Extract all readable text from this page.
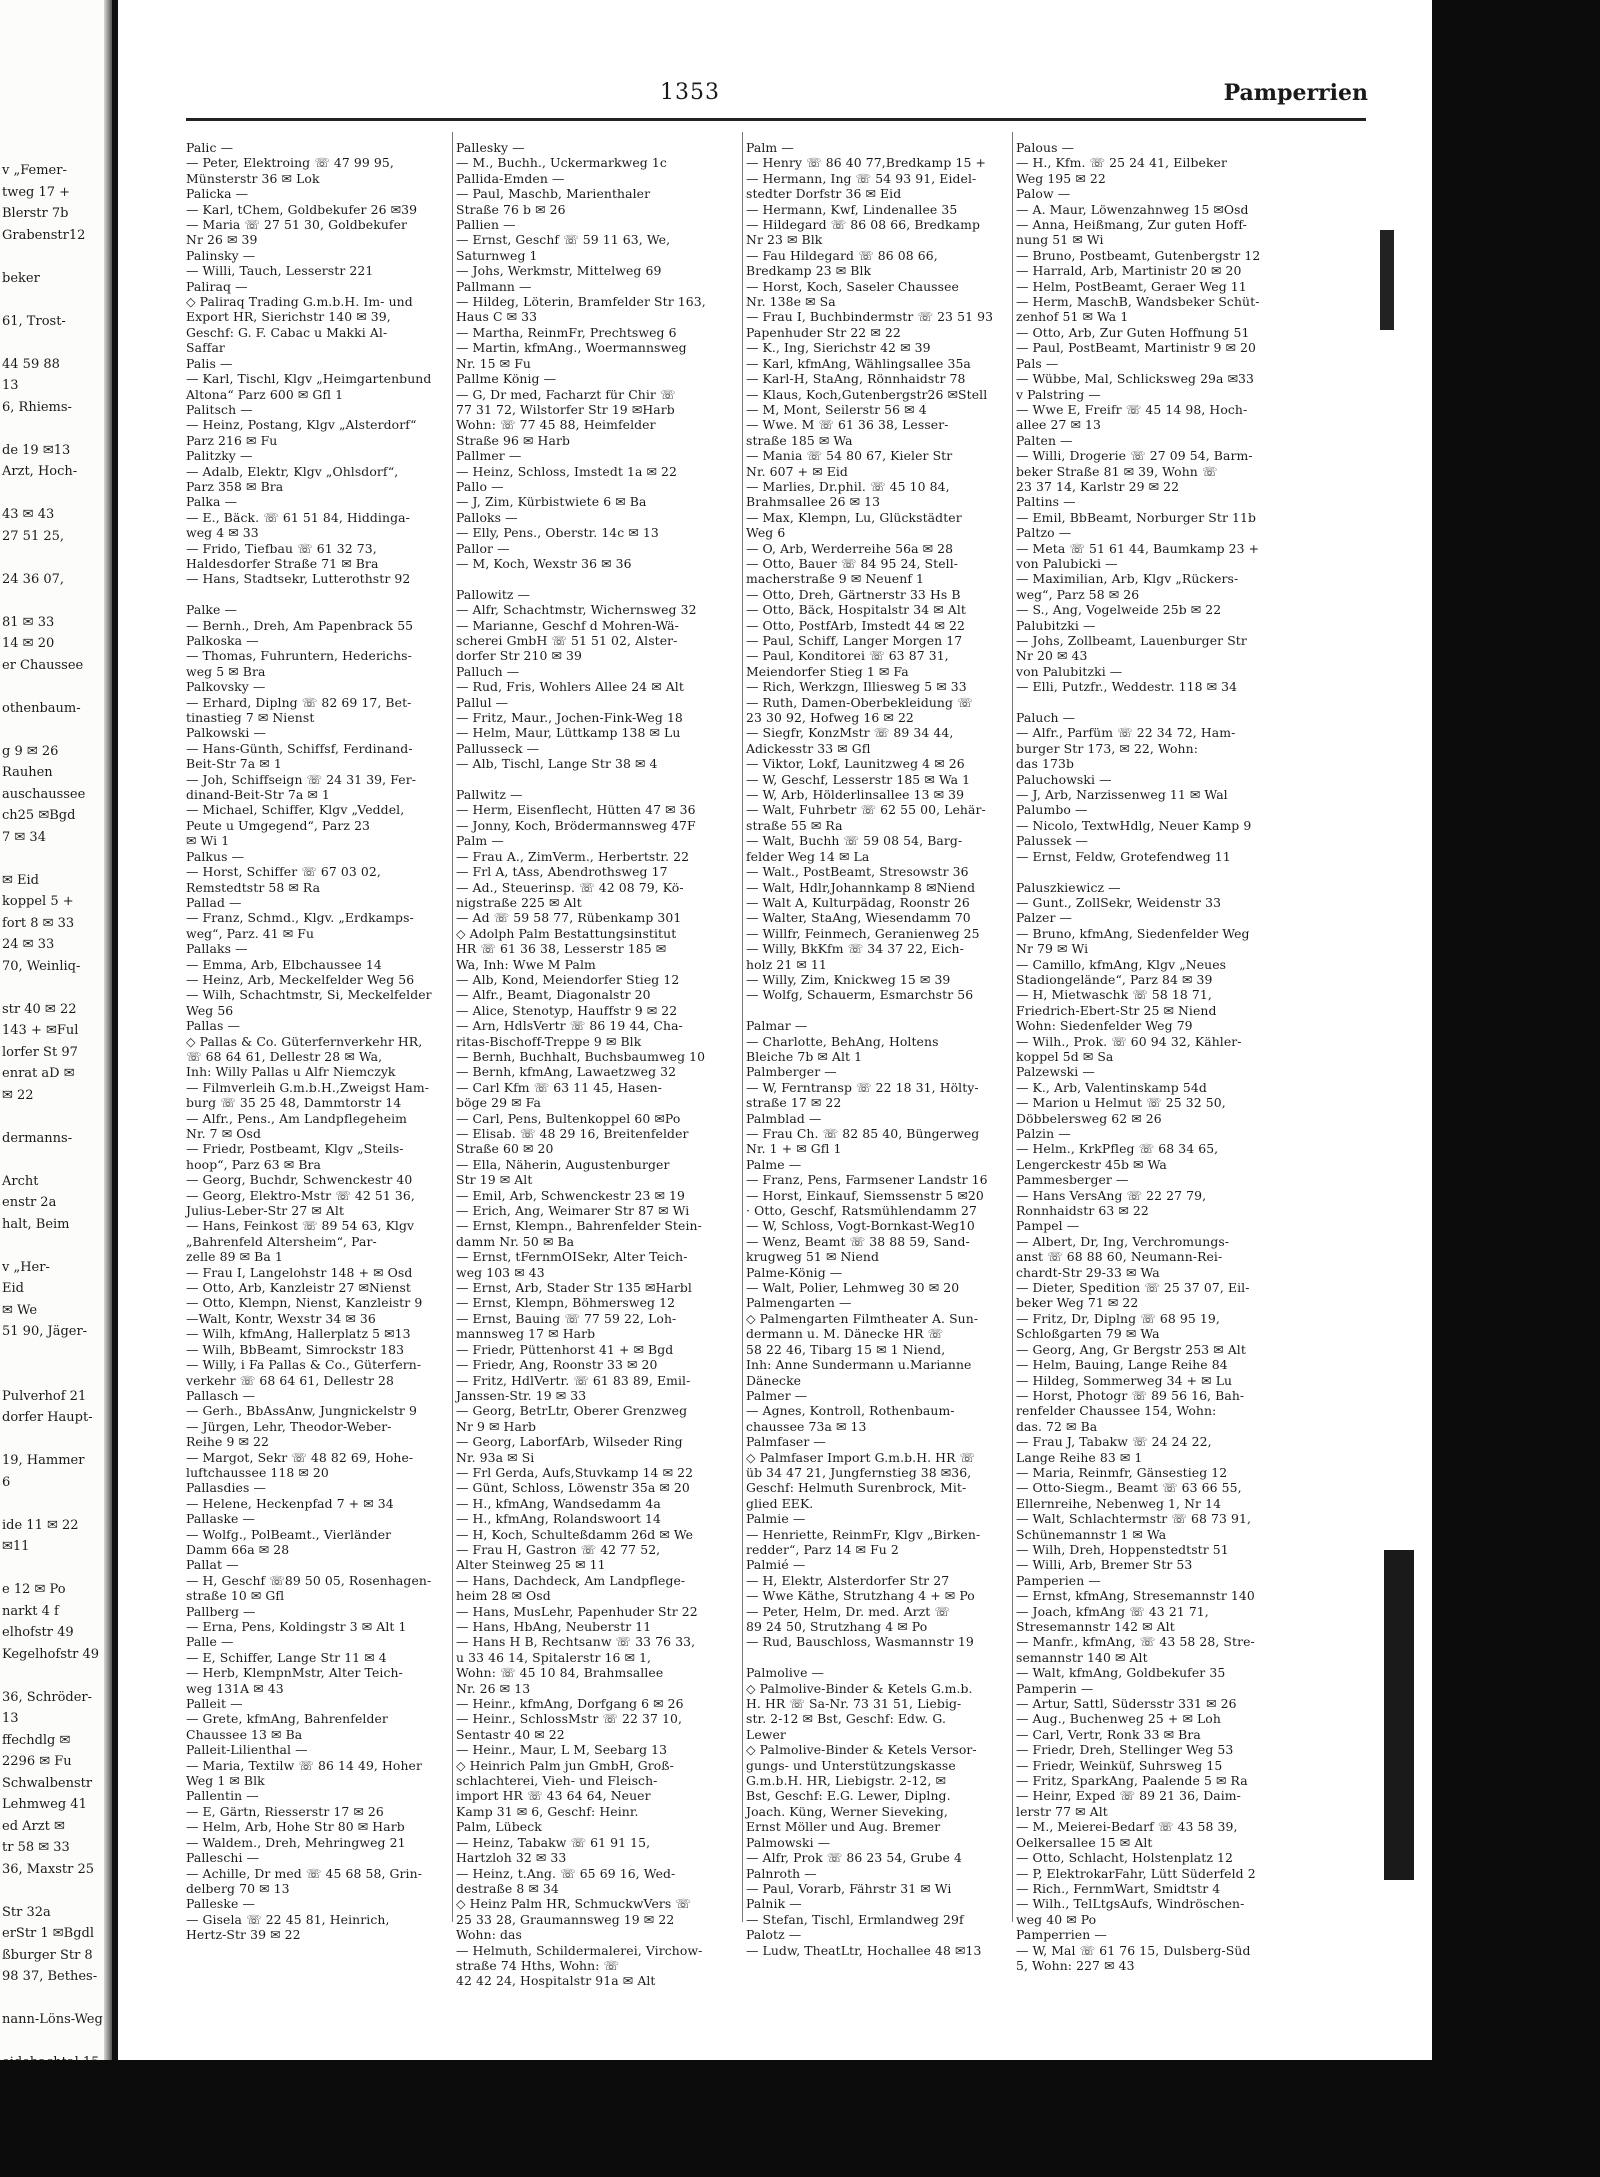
v „Femer-
tweg 17 +
Blerstr 7b
Grabenstr12

beker

61, Trost-

44 59 88
13
6, Rhiems-

de 19 ✉13
Arzt, Hoch-

43 ✉ 43
27 51 25,

24 36 07,

81 ✉ 33
14 ✉ 20
er Chaussee

othenbaum-

g 9 ✉ 26
Rauhen
auschaussee
ch25 ✉Bgd
7 ✉ 34

✉ Eid
koppel 5 +
fort 8 ✉ 33
24 ✉ 33
70, Weinliq-

str 40 ✉ 22
143 + ✉Ful
lorfer St 97
enrat aD ✉
✉ 22

dermanns-

Archt
enstr 2a
halt, Beim

v „Her-
Eid
✉ We
51 90, Jäger-

Pulverhof 21
dorfer Haupt-

19, Hammer
6

ide 11 ✉ 22
✉11

e 12 ✉ Po
narkt 4 f
elhofstr 49
Kegelhofstr 49

36, Schröder-
13
ffechdlg ✉
2296 ✉ Fu
Schwalbenstr
Lehmweg 41
ed Arzt ✉
tr 58 ✉ 33
36, Maxstr 25

Str 32a
erStr 1 ✉Bgdl
ßburger Str 8
98 37, Bethes-

nann-Löns-Weg

1353	Pamperrien
Palic —
— Peter, Elektroing ☏ 47 99 95,
Münsterstr 36 ✉ Lok
Palicka —
— Karl, tChem, Goldbekufer 26 ✉39
— Maria ☏ 27 51 30, Goldbekufer
Nr 26 ✉ 39
Palinsky —
— Willi, Tauch, Lesserstr 221
Paliraq —
◇ Paliraq Trading G.m.b.H. Im- und
Export HR, Sierichstr 140 ✉ 39,
Geschf: G. F. Cabac u Makki Al-
Saffar
Palis —
— Karl, Tischl, Klgv „Heimgartenbund
Altona“ Parz 600 ✉ Gfl 1
Palitsch —
— Heinz, Postang, Klgv „Alsterdorf“
Parz 216 ✉ Fu
Palitzky —
— Adalb, Elektr, Klgv „Ohlsdorf“,
Parz 358 ✉ Bra
Palka —
— E., Bäck. ☏ 61 51 84, Hiddinga-
weg 4 ✉ 33
— Frido, Tiefbau ☏ 61 32 73,
Haldesdorfer Straße 71 ✉ Bra
— Hans, Stadtsekr, Lutterothstr 92

Palke —
— Bernh., Dreh, Am Papenbrack 55
Palkoska —
— Thomas, Fuhruntern, Hederichs-
weg 5 ✉ Bra
Palkovsky —
— Erhard, Diplng ☏ 82 69 17, Bet-
tinastieg 7 ✉ Nienst
Palkowski —
— Hans-Günth, Schiffsf, Ferdinand-
Beit-Str 7a ✉ 1
— Joh, Schiffseign ☏ 24 31 39, Fer-
dinand-Beit-Str 7a ✉ 1
— Michael, Schiffer, Klgv „Veddel,
Peute u Umgegend“, Parz 23
✉ Wi 1
Palkus —
— Horst, Schiffer ☏ 67 03 02,
Remstedtstr 58 ✉ Ra
Pallad —
— Franz, Schmd., Klgv. „Erdkamps-
weg“, Parz. 41 ✉ Fu
Pallaks —
— Emma, Arb, Elbchaussee 14
— Heinz, Arb, Meckelfelder Weg 56
— Wilh, Schachtmstr, Si, Meckelfelder
Weg 56
Pallas —
◇ Pallas & Co. Güterfernverkehr HR,
☏ 68 64 61, Dellestr 28 ✉ Wa,
Inh: Willy Pallas u Alfr Niemczyk
— Filmverleih G.m.b.H.,Zweigst Ham-
burg ☏ 35 25 48, Dammtorstr 14
— Alfr., Pens., Am Landpflegeheim
Nr. 7 ✉ Osd
— Friedr, Postbeamt, Klgv „Steils-
hoop“, Parz 63 ✉ Bra
— Georg, Buchdr, Schwenckestr 40
— Georg, Elektro-Mstr ☏ 42 51 36,
Julius-Leber-Str 27 ✉ Alt
— Hans, Feinkost ☏ 89 54 63, Klgv
„Bahrenfeld Altersheim“, Par-
zelle 89 ✉ Ba 1
— Frau I, Langelohstr 148 + ✉ Osd
— Otto, Arb, Kanzleistr 27 ✉Nienst
— Otto, Klempn, Nienst, Kanzleistr 9
—Walt, Kontr, Wexstr 34 ✉ 36
— Wilh, kfmAng, Hallerplatz 5 ✉13
— Wilh, BbBeamt, Simrockstr 183
— Willy, i Fa Pallas & Co., Güterfern-
verkehr ☏ 68 64 61, Dellestr 28
Pallasch —
— Gerh., BbAssAnw, Jungnickelstr 9
— Jürgen, Lehr, Theodor-Weber-
Reihe 9 ✉ 22
— Margot, Sekr ☏ 48 82 69, Hohe-
luftchaussee 118 ✉ 20
Pallasdies —
— Helene, Heckenpfad 7 + ✉ 34
Pallaske —
— Wolfg., PolBeamt., Vierländer
Damm 66a ✉ 28
Pallat —
— H, Geschf ☏89 50 05, Rosenhagen-
straße 10 ✉ Gfl
Pallberg —
— Erna, Pens, Koldingstr 3 ✉ Alt 1
Palle —
— E, Schiffer, Lange Str 11 ✉ 4
— Herb, KlempnMstr, Alter Teich-
weg 131A ✉ 43
Palleit —
— Grete, kfmAng, Bahrenfelder
Chaussee 13 ✉ Ba
Palleit-Lilienthal —
— Maria, Textilw ☏ 86 14 49, Hoher
Weg 1 ✉ Blk
Pallentin —
— E, Gärtn, Riesserstr 17 ✉ 26
— Helm, Arb, Hohe Str 80 ✉ Harb
— Waldem., Dreh, Mehringweg 21
Palleschi —
— Achille, Dr med ☏ 45 68 58, Grin-
delberg 70 ✉ 13
Palleske —
— Gisela ☏ 22 45 81, Heinrich,
Hertz-Str 39 ✉ 22
Pallesky —
— M., Buchh., Uckermarkweg 1c
Pallida-Emden —
— Paul, Maschb, Marienthaler
Straße 76 b ✉ 26
Pallien —
— Ernst, Geschf ☏ 59 11 63, We,
Saturnweg 1
— Johs, Werkmstr, Mittelweg 69
Pallmann —
— Hildeg, Löterin, Bramfelder Str 163,
Haus C ✉ 33
— Martha, ReinmFr, Prechtsweg 6
— Martin, kfmAng., Woermannsweg
Nr. 15 ✉ Fu
Pallme König —
— G, Dr med, Facharzt für Chir ☏
77 31 72, Wilstorfer Str 19 ✉Harb
Wohn: ☏ 77 45 88, Heimfelder
Straße 96 ✉ Harb
Pallmer —
— Heinz, Schloss, Imstedt 1a ✉ 22
Pallo —
— J, Zim, Kürbistwiete 6 ✉ Ba
Palloks —
— Elly, Pens., Oberstr. 14c ✉ 13
Pallor —
— M, Koch, Wexstr 36 ✉ 36

Pallowitz —
— Alfr, Schachtmstr, Wichernsweg 32
— Marianne, Geschf d Mohren-Wä-
scherei GmbH ☏ 51 51 02, Alster-
dorfer Str 210 ✉ 39
Palluch —
— Rud, Fris, Wohlers Allee 24 ✉ Alt
Pallul —
— Fritz, Maur., Jochen-Fink-Weg 18
— Helm, Maur, Lüttkamp 138 ✉ Lu
Pallusseck —
— Alb, Tischl, Lange Str 38 ✉ 4

Pallwitz —
— Herm, Eisenflecht, Hütten 47 ✉ 36
— Jonny, Koch, Brödermannsweg 47F
Palm —
— Frau A., ZimVerm., Herbertstr. 22
— Frl A, tAss, Abendrothsweg 17
— Ad., Steuerinsp. ☏ 42 08 79, Kö-
nigstraße 225 ✉ Alt
— Ad ☏ 59 58 77, Rübenkamp 301
◇ Adolph Palm Bestattungsinstitut
HR ☏ 61 36 38, Lesserstr 185 ✉
Wa, Inh: Wwe M Palm
— Alb, Kond, Meiendorfer Stieg 12
— Alfr., Beamt, Diagonalstr 20
— Alice, Stenotyp, Hauffstr 9 ✉ 22
— Arn, HdlsVertr ☏ 86 19 44, Cha-
ritas-Bischoff-Treppe 9 ✉ Blk
— Bernh, Buchhalt, Buchsbaumweg 10
— Bernh, kfmAng, Lawaetzweg 32
— Carl Kfm ☏ 63 11 45, Hasen-
böge 29 ✉ Fa
— Carl, Pens, Bultenkoppel 60 ✉Po
— Elisab. ☏ 48 29 16, Breitenfelder
Straße 60 ✉ 20
— Ella, Näherin, Augustenburger
Str 19 ✉ Alt
— Emil, Arb, Schwenckestr 23 ✉ 19
— Erich, Ang, Weimarer Str 87 ✉ Wi
— Ernst, Klempn., Bahrenfelder Stein-
damm Nr. 50 ✉ Ba
— Ernst, tFernmOISekr, Alter Teich-
weg 103 ✉ 43
— Ernst, Arb, Stader Str 135 ✉Harbl
— Ernst, Klempn, Böhmersweg 12
— Ernst, Bauing ☏ 77 59 22, Loh-
mannsweg 17 ✉ Harb
— Friedr, Püttenhorst 41 + ✉ Bgd
— Friedr, Ang, Roonstr 33 ✉ 20
— Fritz, HdlVertr. ☏ 61 83 89, Emil-
Janssen-Str. 19 ✉ 33
— Georg, BetrLtr, Oberer Grenzweg
Nr 9 ✉ Harb
— Georg, LaborfArb, Wilseder Ring
Nr. 93a ✉ Si
— Frl Gerda, Aufs,Stuvkamp 14 ✉ 22
— Günt, Schloss, Löwenstr 35a ✉ 20
— H., kfmAng, Wandsedamm 4a
— H., kfmAng, Rolandswoort 14
— H, Koch, Schulteßdamm 26d ✉ We
— Frau H, Gastron ☏ 42 77 52,
Alter Steinweg 25 ✉ 11
— Hans, Dachdeck, Am Landpflege-
heim 28 ✉ Osd
— Hans, MusLehr, Papenhuder Str 22
— Hans, HbAng, Neuberstr 11
— Hans H B, Rechtsanw ☏ 33 76 33,
u 33 46 14, Spitalerstr 16 ✉ 1,
Wohn: ☏ 45 10 84, Brahmsallee
Nr. 26 ✉ 13
— Heinr., kfmAng, Dorfgang 6 ✉ 26
— Heinr., SchlossMstr ☏ 22 37 10,
Sentastr 40 ✉ 22
— Heinr., Maur, L M, Seebarg 13
◇ Heinrich Palm jun GmbH, Groß-
schlachterei, Vieh- und Fleisch-
import HR ☏ 43 64 64, Neuer
Kamp 31 ✉ 6, Geschf: Heinr.
Palm, Lübeck
— Heinz, Tabakw ☏ 61 91 15,
Hartzloh 32 ✉ 33
— Heinz, t.Ang. ☏ 65 69 16, Wed-
destraße 8 ✉ 34
◇ Heinz Palm HR, SchmuckwVers ☏
25 33 28, Graumannsweg 19 ✉ 22
Wohn: das
— Helmuth, Schildermalerei, Virchow-
straße 74 Hths, Wohn: ☏
42 42 24, Hospitalstr 91a ✉ Alt
Palm —
— Henry ☏ 86 40 77,Bredkamp 15 +
— Hermann, Ing ☏ 54 93 91, Eidel-
stedter Dorfstr 36 ✉ Eid
— Hermann, Kwf, Lindenallee 35
— Hildegard ☏ 86 08 66, Bredkamp
Nr 23 ✉ Blk
— Fau Hildegard ☏ 86 08 66,
Bredkamp 23 ✉ Blk
— Horst, Koch, Saseler Chaussee
Nr. 138e ✉ Sa
— Frau I, Buchbindermstr ☏ 23 51 93
Papenhuder Str 22 ✉ 22
— K., Ing, Sierichstr 42 ✉ 39
— Karl, kfmAng, Wählingsallee 35a
— Karl-H, StaAng, Rönnhaidstr 78
— Klaus, Koch,Gutenbergstr26 ✉Stell
— M, Mont, Seilerstr 56 ✉ 4
— Wwe. M ☏ 61 36 38, Lesser-
straße 185 ✉ Wa
— Mania ☏ 54 80 67, Kieler Str
Nr. 607 + ✉ Eid
— Marlies, Dr.phil. ☏ 45 10 84,
Brahmsallee 26 ✉ 13
— Max, Klempn, Lu, Glückstädter
Weg 6
— O, Arb, Werderreihe 56a ✉ 28
— Otto, Bauer ☏ 84 95 24, Stell-
macherstraße 9 ✉ Neuenf 1
— Otto, Dreh, Gärtnerstr 33 Hs B
— Otto, Bäck, Hospitalstr 34 ✉ Alt
— Otto, PostfArb, Imstedt 44 ✉ 22
— Paul, Schiff, Langer Morgen 17
— Paul, Konditorei ☏ 63 87 31,
Meiendorfer Stieg 1 ✉ Fa
— Rich, Werkzgn, Illiesweg 5 ✉ 33
— Ruth, Damen-Oberbekleidung ☏
23 30 92, Hofweg 16 ✉ 22
— Siegfr, KonzMstr ☏ 89 34 44,
Adickesstr 33 ✉ Gfl
— Viktor, Lokf, Launitzweg 4 ✉ 26
— W, Geschf, Lesserstr 185 ✉ Wa 1
— W, Arb, Hölderlinsallee 13 ✉ 39
— Walt, Fuhrbetr ☏ 62 55 00, Lehär-
straße 55 ✉ Ra
— Walt, Buchh ☏ 59 08 54, Barg-
felder Weg 14 ✉ La
— Walt., PostBeamt, Stresowstr 36
— Walt, Hdlr,Johannkamp 8 ✉Niend
— Walt A, Kulturpädag, Roonstr 26
— Walter, StaAng, Wiesendamm 70
— Willfr, Feinmech, Geranienweg 25
— Willy, BkKfm ☏ 34 37 22, Eich-
holz 21 ✉ 11
— Willy, Zim, Knickweg 15 ✉ 39
— Wolfg, Schauerm, Esmarchstr 56

Palmar —
— Charlotte, BehAng, Holtens
Bleiche 7b ✉ Alt 1
Palmberger —
— W, Ferntransp ☏ 22 18 31, Hölty-
straße 17 ✉ 22
Palmblad —
— Frau Ch. ☏ 82 85 40, Büngerweg
Nr. 1 + ✉ Gfl 1
Palme —
— Franz, Pens, Farmsener Landstr 16
— Horst, Einkauf, Siemssenstr 5 ✉20
· Otto, Geschf, Ratsmühlendamm 27
— W, Schloss, Vogt-Bornkast-Weg10
— Wenz, Beamt ☏ 38 88 59, Sand-
krugweg 51 ✉ Niend
Palme-König —
— Walt, Polier, Lehmweg 30 ✉ 20
Palmengarten —
◇ Palmengarten Filmtheater A. Sun-
dermann u. M. Dänecke HR ☏
58 22 46, Tibarg 15 ✉ 1 Niend,
Inh: Anne Sundermann u.Marianne
Dänecke
Palmer —
— Agnes, Kontroll, Rothenbaum-
chaussee 73a ✉ 13
Palmfaser —
◇ Palmfaser Import G.m.b.H. HR ☏
üb 34 47 21, Jungfernstieg 38 ✉36,
Geschf: Helmuth Surenbrock, Mit-
glied EEK.
Palmie —
— Henriette, ReinmFr, Klgv „Birken-
redder“, Parz 14 ✉ Fu 2
Palmié —
— H, Elektr, Alsterdorfer Str 27
— Wwe Käthe, Strutzhang 4 + ✉ Po
— Peter, Helm, Dr. med. Arzt ☏
89 24 50, Strutzhang 4 ✉ Po
— Rud, Bauschloss, Wasmannstr 19

Palmolive —
◇ Palmolive-Binder & Ketels G.m.b.
H. HR ☏ Sa-Nr. 73 31 51, Liebig-
str. 2-12 ✉ Bst, Geschf: Edw. G.
Lewer
◇ Palmolive-Binder & Ketels Versor-
gungs- und Unterstützungskasse
G.m.b.H. HR, Liebigstr. 2-12, ✉
Bst, Geschf: E.G. Lewer, Diplng.
Joach. Küng, Werner Sieveking,
Ernst Möller und Aug. Bremer
Palmowski —
— Alfr, Prok ☏ 86 23 54, Grube 4
Palnroth —
— Paul, Vorarb, Fährstr 31 ✉ Wi
Palnik —
— Stefan, Tischl, Ermlandweg 29f
Palotz —
— Ludw, TheatLtr, Hochallee 48 ✉13
Palous —
— H., Kfm. ☏ 25 24 41, Eilbeker
Weg 195 ✉ 22
Palow —
— A. Maur, Löwenzahnweg 15 ✉Osd
— Anna, Heißmang, Zur guten Hoff-
nung 51 ✉ Wi
— Bruno, Postbeamt, Gutenbergstr 12
— Harrald, Arb, Martinistr 20 ✉ 20
— Helm, PostBeamt, Geraer Weg 11
— Herm, MaschB, Wandsbeker Schüt-
zenhof 51 ✉ Wa 1
— Otto, Arb, Zur Guten Hoffnung 51
— Paul, PostBeamt, Martinistr 9 ✉ 20
Pals —
— Wübbe, Mal, Schlicksweg 29a ✉33
v Palstring —
— Wwe E, Freifr ☏ 45 14 98, Hoch-
allee 27 ✉ 13
Palten —
— Willi, Drogerie ☏ 27 09 54, Barm-
beker Straße 81 ✉ 39, Wohn ☏
23 37 14, Karlstr 29 ✉ 22
Paltins —
— Emil, BbBeamt, Norburger Str 11b
Paltzo —
— Meta ☏ 51 61 44, Baumkamp 23 +
von Palubicki —
— Maximilian, Arb, Klgv „Rückers-
weg“, Parz 58 ✉ 26
— S., Ang, Vogelweide 25b ✉ 22
Palubitzki —
— Johs, Zollbeamt, Lauenburger Str
Nr 20 ✉ 43
von Palubitzki —
— Elli, Putzfr., Weddestr. 118 ✉ 34

Paluch —
— Alfr., Parfüm ☏ 22 34 72, Ham-
burger Str 173, ✉ 22, Wohn:
das 173b
Paluchowski —
— J, Arb, Narzissenweg 11 ✉ Wal
Palumbo —
— Nicolo, TextwHdlg, Neuer Kamp 9
Palussek —
— Ernst, Feldw, Grotefendweg 11

Paluszkiewicz —
— Gunt., ZollSekr, Weidenstr 33
Palzer —
— Bruno, kfmAng, Siedenfelder Weg
Nr 79 ✉ Wi
— Camillo, kfmAng, Klgv „Neues
Stadiongelände“, Parz 84 ✉ 39
— H, Mietwaschk ☏ 58 18 71,
Friedrich-Ebert-Str 25 ✉ Niend
Wohn: Siedenfelder Weg 79
— Wilh., Prok. ☏ 60 94 32, Kähler-
koppel 5d ✉ Sa
Palzewski —
— K., Arb, Valentinskamp 54d
— Marion u Helmut ☏ 25 32 50,
Döbbelersweg 62 ✉ 26
Palzin —
— Helm., KrkPfleg ☏ 68 34 65,
Lengerckestr 45b ✉ Wa
Pammesberger —
— Hans VersAng ☏ 22 27 79,
Ronnhaidstr 63 ✉ 22
Pampel —
— Albert, Dr, Ing, Verchromungs-
anst ☏ 68 88 60, Neumann-Rei-
chardt-Str 29-33 ✉ Wa
— Dieter, Spedition ☏ 25 37 07, Eil-
beker Weg 71 ✉ 22
— Fritz, Dr, Diplng ☏ 68 95 19,
Schloßgarten 79 ✉ Wa
— Georg, Ang, Gr Bergstr 253 ✉ Alt
— Helm, Bauing, Lange Reihe 84
— Hildeg, Sommerweg 34 + ✉ Lu
— Horst, Photogr ☏ 89 56 16, Bah-
renfelder Chaussee 154, Wohn:
das. 72 ✉ Ba
— Frau J, Tabakw ☏ 24 24 22,
Lange Reihe 83 ✉ 1
— Maria, Reinmfr, Gänsestieg 12
— Otto-Siegm., Beamt ☏ 63 66 55,
Ellernreihe, Nebenweg 1, Nr 14
— Walt, Schlachtermstr ☏ 68 73 91,
Schünemannstr 1 ✉ Wa
— Wilh, Dreh, Hoppenstedtstr 51
— Willi, Arb, Bremer Str 53
Pamperien —
— Ernst, kfmAng, Stresemannstr 140
— Joach, kfmAng ☏ 43 21 71,
Stresemannstr 142 ✉ Alt
— Manfr., kfmAng, ☏ 43 58 28, Stre-
semannstr 140 ✉ Alt
— Walt, kfmAng, Goldbekufer 35
Pamperin —
— Artur, Sattl, Südersstr 331 ✉ 26
— Aug., Buchenweg 25 + ✉ Loh
— Carl, Vertr, Ronk 33 ✉ Bra
— Friedr, Dreh, Stellinger Weg 53
— Friedr, Weinküf, Suhrsweg 15
— Fritz, SparkAng, Paalende 5 ✉ Ra
— Heinr, Exped ☏ 89 21 36, Daim-
lerstr 77 ✉ Alt
— M., Meierei-Bedarf ☏ 43 58 39,
Oelkersallee 15 ✉ Alt
— Otto, Schlacht, Holstenplatz 12
— P, ElektrokarFahr, Lütt Süderfeld 2
— Rich., FernmWart, Smidtstr 4
— Wilh., TelLtgsAufs, Windröschen-
weg 40 ✉ Po
Pamperrien —
— W, Mal ☏ 61 76 15, Dulsberg-Süd
5, Wohn: 227 ✉ 43
